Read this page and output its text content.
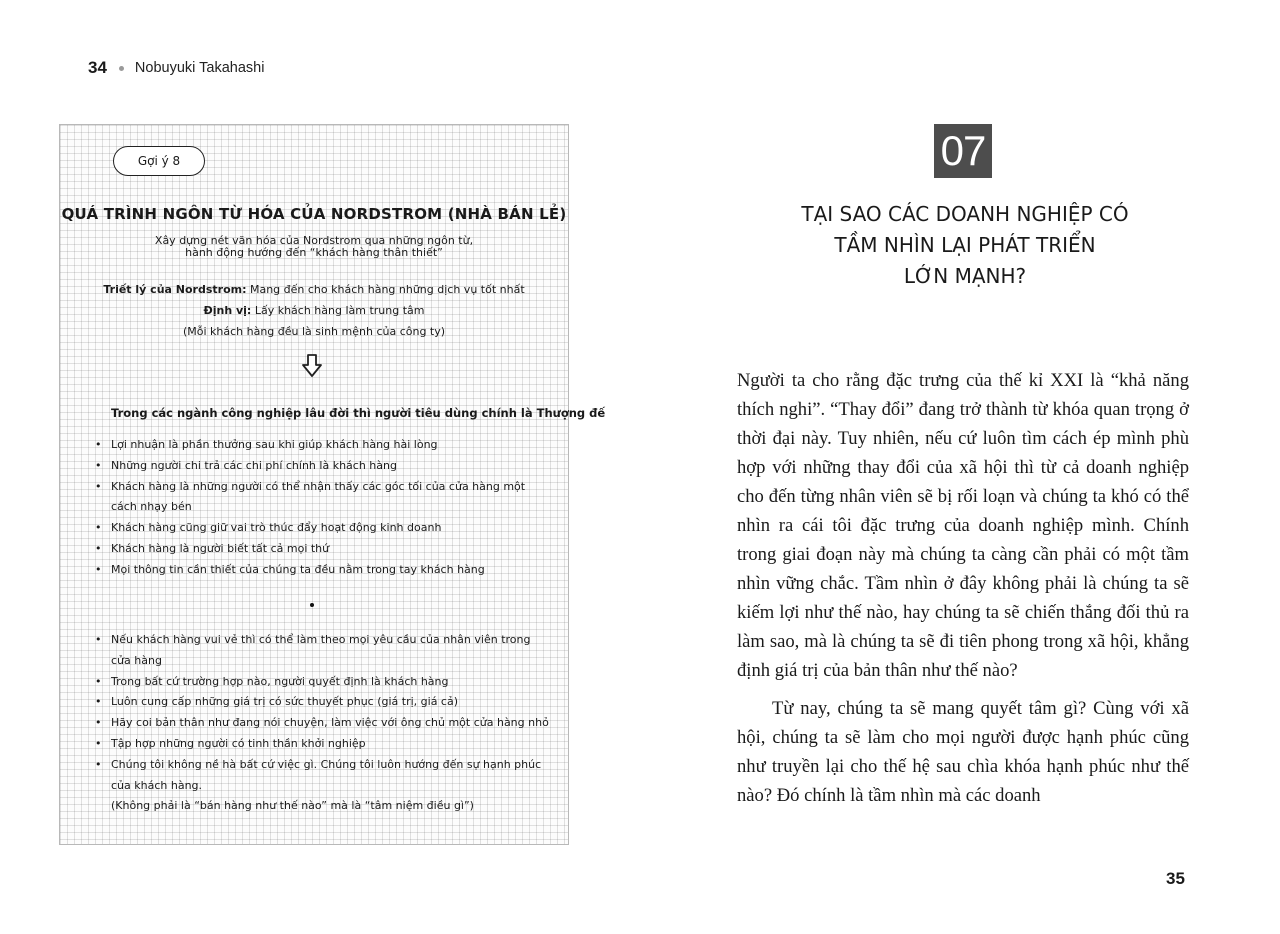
34 Nobuyuki Takahashi
Gợi ý 8
QUÁ TRÌNH NGÔN TỪ HÓA CỦA NORDSTROM (NHÀ BÁN LẺ)
Xây dựng nét văn hóa của Nordstrom qua những ngôn từ,
hành động hướng đến “khách hàng thân thiết”
Triết lý của Nordstrom: Mang đến cho khách hàng những dịch vụ tốt nhất
Định vị: Lấy khách hàng làm trung tâm
(Mỗi khách hàng đều là sinh mệnh của công ty)
Trong các ngành công nghiệp lâu đời thì người tiêu dùng chính là Thượng đế
• Lợi nhuận là phần thưởng sau khi giúp khách hàng hài lòng
• Những người chi trả các chi phí chính là khách hàng
• Khách hàng là những người có thể nhận thấy các góc tối của cửa hàng một
cách nhạy bén
• Khách hàng cũng giữ vai trò thúc đẩy hoạt động kinh doanh
• Khách hàng là người biết tất cả mọi thứ
• Mọi thông tin cần thiết của chúng ta đều nằm trong tay khách hàng
• Nếu khách hàng vui vẻ thì có thể làm theo mọi yêu cầu của nhân viên trong
cửa hàng
• Trong bất cứ trường hợp nào, người quyết định là khách hàng
• Luôn cung cấp những giá trị có sức thuyết phục (giá trị, giá cả)
• Hãy coi bản thân như đang nói chuyện, làm việc với ông chủ một cửa hàng nhỏ
• Tập hợp những người có tinh thần khởi nghiệp
• Chúng tôi không nề hà bất cứ việc gì. Chúng tôi luôn hướng đến sự hạnh phúc
của khách hàng.
(Không phải là “bán hàng như thế nào” mà là “tâm niệm điều gì”)
07
TẠI SAO CÁC DOANH NGHIỆP CÓ
TẦM NHÌN LẠI PHÁT TRIỂN
LỚN MẠNH?

Người ta cho rằng đặc trưng của thế kỉ XXI là “khả năng thích nghi”. “Thay đổi” đang trở thành từ khóa quan trọng ở thời đại này. Tuy nhiên, nếu cứ luôn tìm cách ép mình phù hợp với những thay đổi của xã hội thì từ cả doanh nghiệp cho đến từng nhân viên sẽ bị rối loạn và chúng ta khó có thể nhìn ra cái tôi đặc trưng của doanh nghiệp mình. Chính trong giai đoạn này mà chúng ta càng cần phải có một tầm nhìn vững chắc. Tầm nhìn ở đây không phải là chúng ta sẽ kiếm lợi như thế nào, hay chúng ta sẽ chiến thắng đối thủ ra làm sao, mà là chúng ta sẽ đi tiên phong trong xã hội, khẳng định giá trị của bản thân như thế nào?

Từ nay, chúng ta sẽ mang quyết tâm gì? Cùng với xã hội, chúng ta sẽ làm cho mọi người được hạnh phúc cũng như truyền lại cho thế hệ sau chìa khóa hạnh phúc như thế nào? Đó chính là tầm nhìn mà các doanh

35
